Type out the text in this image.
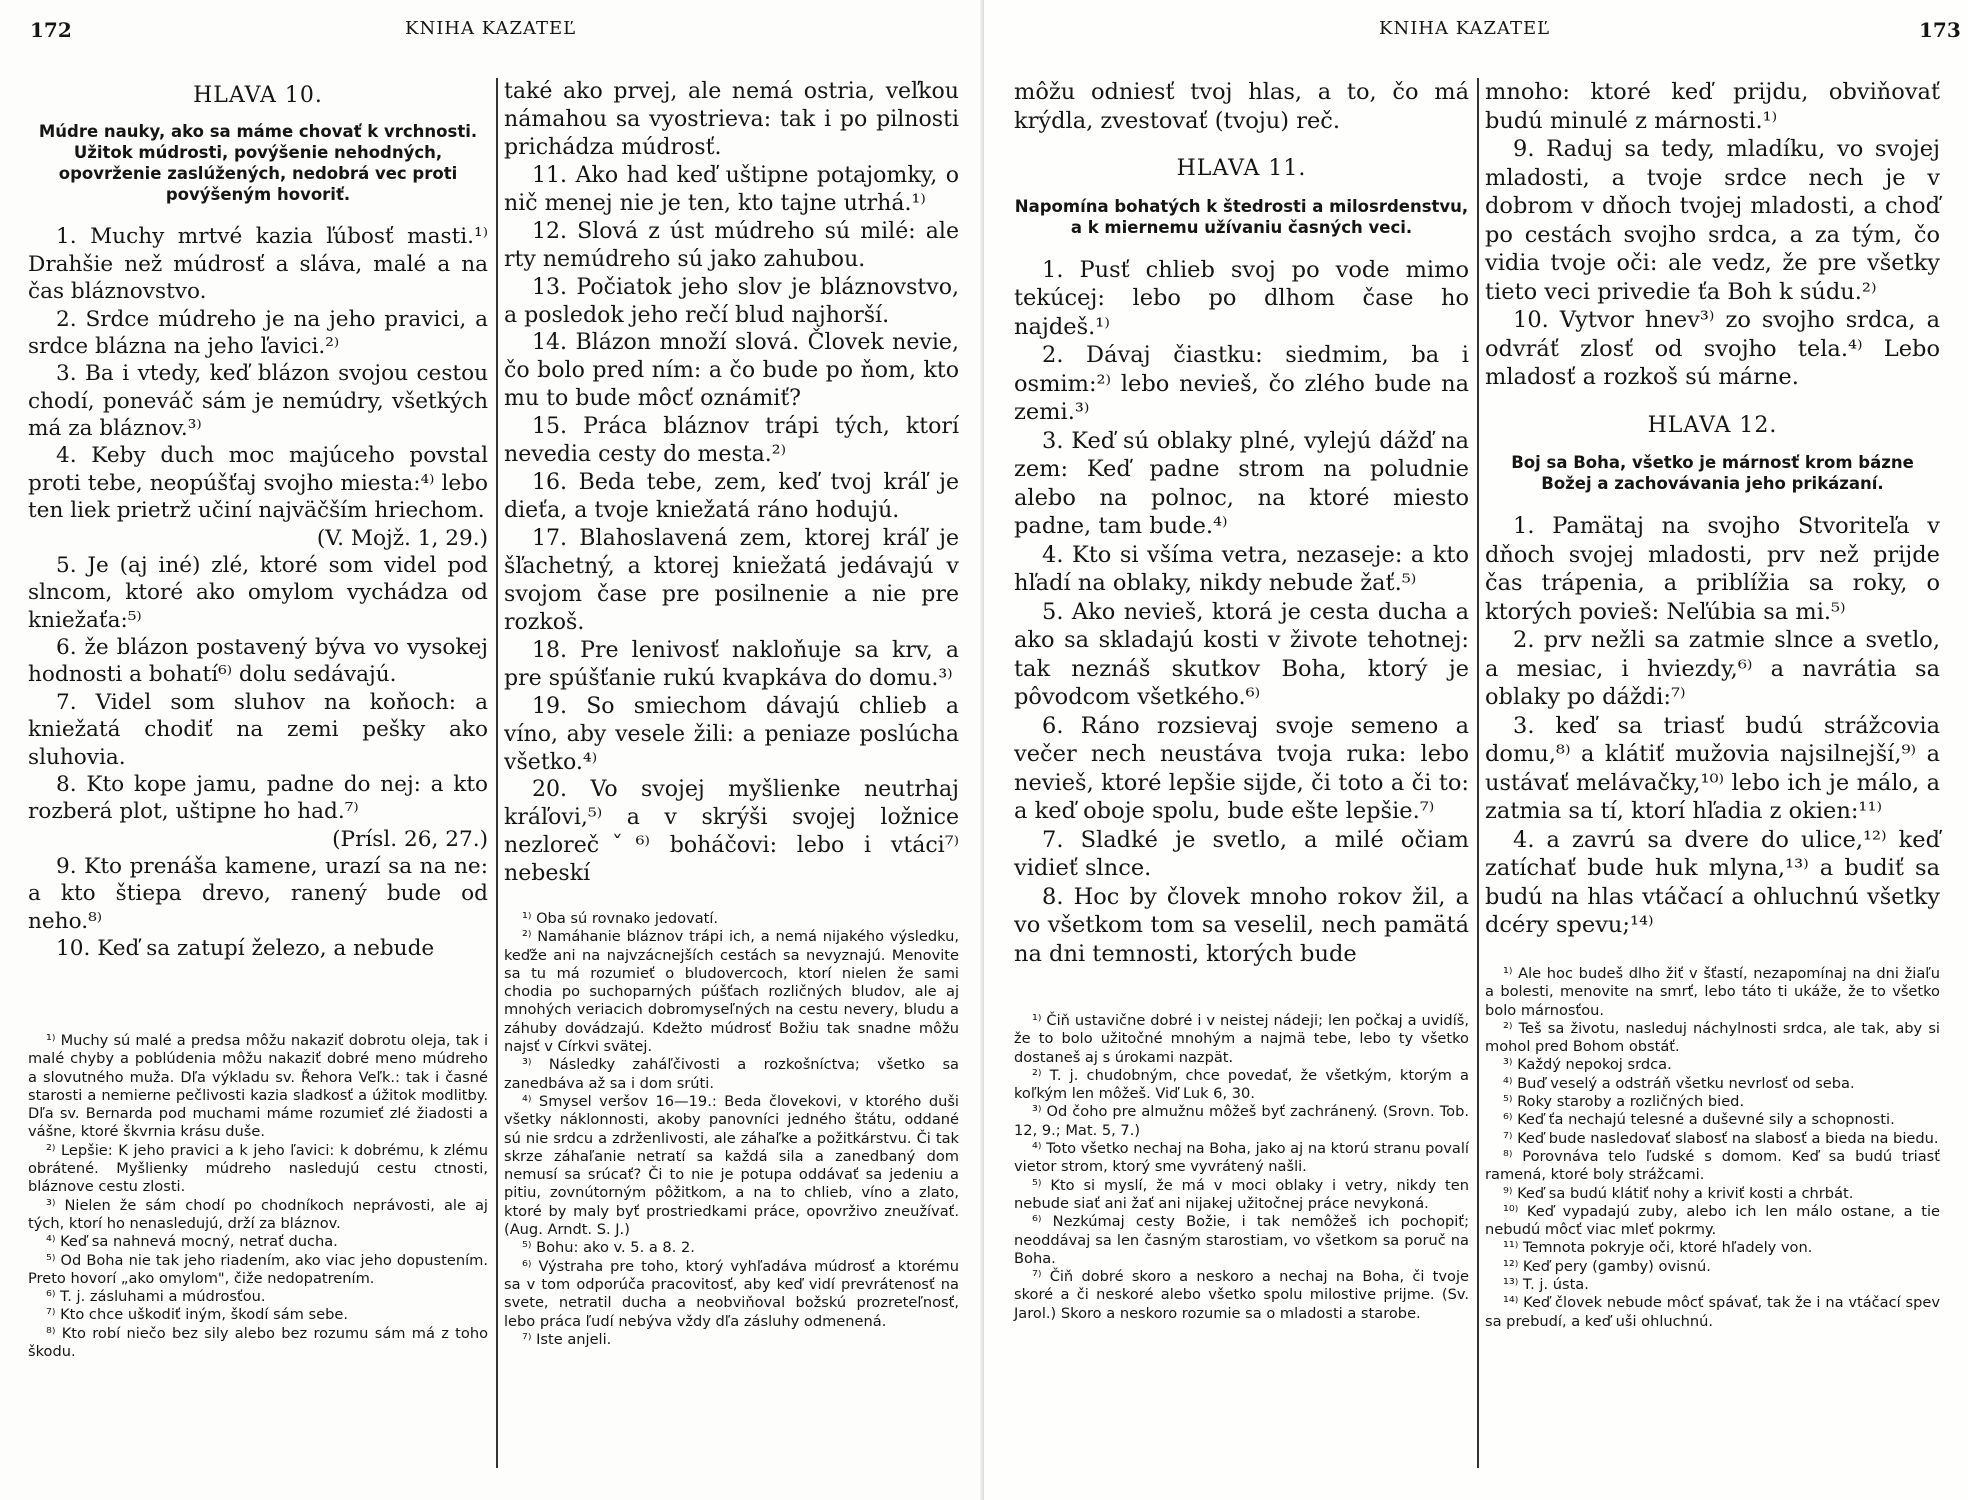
172	KNIHA KAZATEĽ

HLAVA 10.

Múdre nauky, ako sa máme chovať k vrchnosti. Užitok múdrosti, povýšenie nehodných, opovrženie zaslúžených, nedobrá vec proti povýšeným hovoriť.

1. Muchy mrtvé kazia ľúbosť masti.¹⁾ Drahšie než múdrosť a sláva, malé a na čas bláznovstvo.

2. Srdce múdreho je na jeho pravici, a srdce blázna na jeho ľavici.²⁾

3. Ba i vtedy, keď blázon svojou cestou chodí, poneváč sám je nemúdry, všetkých má za bláznov.³⁾

4. Keby duch moc majúceho povstal proti tebe, neopúšťaj svojho miesta:⁴⁾ lebo ten liek prietrž učiní najväčším hriechom.

(V. Mojž. 1, 29.)

5. Je (aj iné) zlé, ktoré som videl pod slncom, ktoré ako omylom vychádza od kniežaťa:⁵⁾

6. že blázon postavený býva vo vysokej hodnosti a bohatí⁶⁾ dolu sedávajú.

7. Videl som sluhov na koňoch: a kniežatá chodiť na zemi pešky ako sluhovia.

8. Kto kope jamu, padne do nej: a kto rozberá plot, uštipne ho had.⁷⁾

(Prísl. 26, 27.)

9. Kto prenáša kamene, urazí sa na ne: a kto štiepa drevo, ranený bude od neho.⁸⁾

10. Keď sa zatupí železo, a nebude

¹⁾ Muchy sú malé a predsa môžu nakaziť dobrotu oleja, tak i malé chyby a poblúdenia môžu nakaziť dobré meno múdreho a slovutného muža. Dľa výkladu sv. Řehora Veľk.: tak i časné starosti a nemierne pečlivosti kazia sladkosť a úžitok modlitby. Dľa sv. Bernarda pod muchami máme rozumieť zlé žiadosti a vášne, ktoré škvrnia krásu duše.

²⁾ Lepšie: K jeho pravici a k jeho ľavici: k dobrému, k zlému obrátené. Myšlienky múdreho nasledujú cestu ctnosti, bláznove cestu zlosti.

³⁾ Nielen že sám chodí po chodníkoch neprávosti, ale aj tých, ktorí ho nenasledujú, drží za bláznov.

⁴⁾ Keď sa nahnevá mocný, netrať ducha.

⁵⁾ Od Boha nie tak jeho riadením, ako viac jeho dopustením. Preto hovorí „ako omylom", čiže nedopatrením.

⁶⁾ T. j. zásluhami a múdrosťou.

⁷⁾ Kto chce uškodiť iným, škodí sám sebe.

⁸⁾ Kto robí niečo bez sily alebo bez rozumu sám má z toho škodu.

také ako prvej, ale nemá ostria, veľkou námahou sa vyostrieva: tak i po pilnosti prichádza múdrosť.

11. Ako had keď uštipne potajomky, o nič menej nie je ten, kto tajne utrhá.¹⁾

12. Slová z úst múdreho sú milé: ale rty nemúdreho sú jako zahubou.

13. Počiatok jeho slov je bláznovstvo, a posledok jeho rečí blud najhorší.

14. Blázon množí slová. Človek nevie, čo bolo pred ním: a čo bude po ňom, kto mu to bude môcť oznámiť?

15. Práca bláznov trápi tých, ktorí nevedia cesty do mesta.²⁾

16. Beda tebe, zem, keď tvoj kráľ je dieťa, a tvoje kniežatá ráno hodujú.

17. Blahoslavená zem, ktorej kráľ je šľachetný, a ktorej kniežatá jedávajú v svojom čase pre posilnenie a nie pre rozkoš.

18. Pre lenivosť nakloňuje sa krv, a pre spúšťanie rukú kvapkáva do domu.³⁾

19. So smiechom dávajú chlieb a víno, aby vesele žili: a peniaze poslúcha všetko.⁴⁾

20. Vo svojej myšlienke neutrhaj kráľovi,⁵⁾ a v skrýši svojej ložnice nezlorečˇ⁶⁾ boháčovi: lebo i vtáci⁷⁾ nebeskí

¹⁾ Oba sú rovnako jedovatí.

²⁾ Namáhanie bláznov trápi ich, a nemá nijakého výsledku, keďže ani na najvzácnejších cestách sa nevyznajú. Menovite sa tu má rozumieť o bludoverc​och, ktorí nielen že sami chodia po suchoparných púšťach rozličných bludov, ale aj mnohých veriacich dobromyseľných na cestu nevery, bludu a záhuby dovádzajú. Kdežto múdrosť Božiu tak snadne môžu najsť v Církvi svätej.

³⁾ Následky zaháľčivosti a rozkošníctva; všetko sa zanedbáva až sa i dom srúti.

⁴⁾ Smysel veršov 16—19.: Beda človekovi, v ktorého duši všetky náklonnosti, akoby panovníci jedného štátu, oddané sú nie srdcu a zdrženlivosti, ale záhaľke a požitkárstvu. Či tak skrze záhaľanie netratí sa každá sila a zanedbaný dom nemusí sa srúcať? Či to nie je potupa oddávať sa jedeniu a pitiu, zovnútorným pôžitkom, a na to chlieb, víno a zlato, ktoré by maly byť prostriedkami práce, opovrživo zneužívať. (Aug. Arndt. S. J.)

⁵⁾ Bohu: ako v. 5. a 8. 2.

⁶⁾ Výstraha pre toho, ktorý vyhľadáva múdrosť a ktorému sa v tom odporúča pracovitosť, aby keď vidí prevrátenosť na svete, netratil ducha a neobviňoval božskú prozreteľnosť, lebo práca ľudí nebýva vždy dľa zásluhy odmenená.

⁷⁾ Iste anjeli.

KNIHA KAZATEĽ	173

môžu odniesť tvoj hlas, a to, čo má krýdla, zvestovať (tvoju) reč.

HLAVA 11.

Napomína bohatých k štedrosti a milosrdenstvu, a k miernemu užívaniu časných veci.

1. Pusť chlieb svoj po vode mimo tekúcej: lebo po dlhom čase ho najdeš.¹⁾

2. Dávaj čiastku: siedmim, ba i osmim:²⁾ lebo nevieš, čo zlého bude na zemi.³⁾

3. Keď sú oblaky plné, vylejú dážď na zem: Keď padne strom na poludnie alebo na polnoc, na ktoré miesto padne, tam bude.⁴⁾

4. Kto si všíma vetra, nezaseje: a kto hľadí na oblaky, nikdy nebude žať.⁵⁾

5. Ako nevieš, ktorá je cesta ducha a ako sa skladajú kosti v živote tehotnej: tak neznáš skutkov Boha, ktorý je pôvodcom všetkého.⁶⁾

6. Ráno rozsievaj svoje semeno a večer nech neustáva tvoja ruka: lebo nevieš, ktoré lepšie sijde, či toto a či to: a keď oboje spolu, bude ešte lepšie.⁷⁾

7. Sladké je svetlo, a milé očiam vidieť slnce.

8. Hoc by človek mnoho rokov žil, a vo všetkom tom sa veselil, nech pamätá na dni temnosti, ktorých bude

¹⁾ Čiň ustavične dobré i v neistej nádeji; len počkaj a uvidíš, že to bolo užitočné mnohým a najmä tebe, lebo ty všetko dostaneš aj s úrokami nazpät.

²⁾ T. j. chudobným, chce povedať, že všetkým, ktorým a koľkým len môžeš. Viď Luk 6, 30.

³⁾ Od čoho pre almužnu môžeš byť zachránený. (Srovn. Tob. 12, 9.; Mat. 5, 7.)

⁴⁾ Toto všetko nechaj na Boha, jako aj na ktorú stranu povalí vietor strom, ktorý sme vyvrátený našli.

⁵⁾ Kto si myslí, že má v moci oblaky i vetry, nikdy ten nebude siať ani žať ani nijakej užitočnej práce nevykoná.

⁶⁾ Nezkúmaj cesty Božie, i tak nemôžeš ich pochopiť; neoddávaj sa len časným starostiam, vo všetkom sa poruč na Boha.

⁷⁾ Čiň dobré skoro a neskoro a nechaj na Boha, či tvoje skoré a či neskoré alebo všetko spolu milostive prijme. (Sv. Jarol.) Skoro a neskoro rozumie sa o mladosti a starobe.

mnoho: ktoré keď prijdu, obviňovať budú minulé z márnosti.¹⁾

9. Raduj sa tedy, mladíku, vo svojej mladosti, a tvoje srdce nech je v dobrom v dňoch tvojej mladosti, a choď po cestách svojho srdca, a za tým, čo vidia tvoje oči: ale vedz, že pre všetky tieto veci privedie ťa Boh k súdu.²⁾

10. Vytvor hnev³⁾ zo svojho srdca, a odvráť zlosť od svojho tela.⁴⁾ Lebo mladosť a rozkoš sú márne.

HLAVA 12.

Boj sa Boha, všetko je márnosť krom bázne Božej a zachovávania jeho prikázaní.

1. Pamätaj na svojho Stvoriteľa v dňoch svojej mladosti, prv než prijde čas trápenia, a priblížia sa roky, o ktorých povieš: Neľúbia sa mi.⁵⁾

2. prv nežli sa zatmie slnce a svetlo, a mesiac, i hviezdy,⁶⁾ a navrátia sa oblaky po dáždi:⁷⁾

3. keď sa triasť budú strážcovia domu,⁸⁾ a klátiť mužovia najsilnejší,⁹⁾ a ustávať melávačky,¹⁰⁾ lebo ich je málo, a zatmia sa tí, ktorí hľadia z okien:¹¹⁾

4. a zavrú sa dvere do ulice,¹²⁾ keď zatíchať bude huk mlyna,¹³⁾ a budiť sa budú na hlas vtáčací a ohluchnú všetky dcéry spevu;¹⁴⁾

¹⁾ Ale hoc budeš dlho žiť v šťastí, nezapomínaj na dni žiaľu a bolesti, menovite na smrť, lebo táto ti ukáže, že to všetko bolo márnosťou.

²⁾ Teš sa životu, nasleduj náchylnosti srdca, ale tak, aby si mohol pred Bohom obstáť.

³⁾ Každý nepokoj srdca.

⁴⁾ Buď veselý a odstráň všetku nevrlosť od seba.

⁵⁾ Roky staroby a rozličných bied.

⁶⁾ Keď ťa nechajú telesné a duševné sily a schopnosti.

⁷⁾ Keď bude nasledovať slabosť na slabosť a bieda na biedu.

⁸⁾ Porovnáva telo ľudské s domom. Keď sa budú triasť ramená, ktoré boly strážcami.

⁹⁾ Keď sa budú klátiť nohy a kriviť kosti a chrbát.

¹⁰⁾ Keď vypadajú zuby, alebo ich len málo ostane, a tie nebudú môcť viac mleť pokrmy.

¹¹⁾ Temnota pokryje oči, ktoré hľadely von.

¹²⁾ Keď pery (gamby) ovisnú.

¹³⁾ T. j. ústa.

¹⁴⁾ Keď človek nebude môcť spávať, tak že i na vtáčací spev sa prebudí, a keď uši ohluchnú.
